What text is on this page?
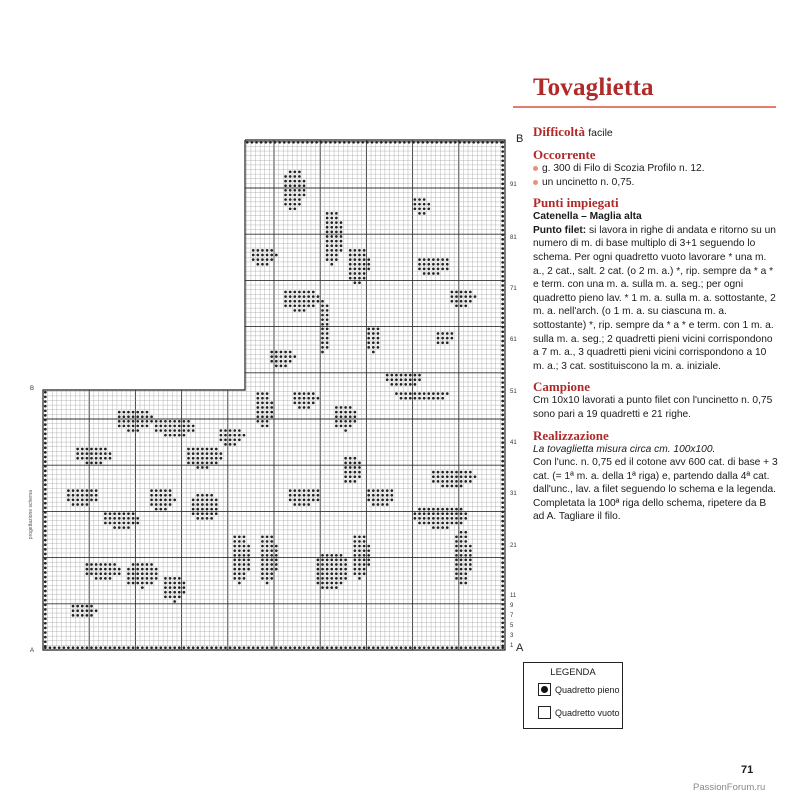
B
A
B
A
progettazione schema
91
81
71
61
51
41
31
21
11
9
7
5
3
1
Tovaglietta
Difficoltà facile
Occorrente
g. 300 di Filo di Scozia Profilo n. 12.
un uncinetto n. 0,75.
Punti impiegati

Catenella – Maglia alta

Punto filet: si lavora in righe di andata e ritorno su un numero di m. di base multiplo di 3+1 seguendo lo schema. Per ogni quadretto vuoto lavorare * una m. a., 2 cat., salt. 2 cat. (o 2 m. a.) *, rip. sempre da * a * e term. con una m. a. sulla m. a. seg.; per ogni quadretto pieno lav. * 1 m. a. sulla m. a. sottostante, 2 m. a. nell'arch. (o 1 m. a. su ciascuna m. a. sottostante) *, rip. sempre da * a * e term. con 1 m. a. sulla m. a. seg.; 2 quadretti pieni vicini corrispondono a 7 m. a., 3 quadretti pieni vicini corrispondono a 10 m. a.; 3 cat. sostituiscono la m. a. iniziale.

Campione

Cm 10x10 lavorati a punto filet con l'uncinetto n. 0,75 sono pari a 19 quadretti e 21 righe.

Realizzazione

La tovaglietta misura circa cm. 100x100.

Con l'unc. n. 0,75 ed il cotone avv 600 cat. di base + 3 cat. (= 1ª m. a. della 1ª riga) e, partendo dalla 4ª cat. dall'unc., lav. a filet seguendo lo schema e la legenda. Completata la 100ª riga dello schema, ripetere da B ad A. Tagliare il filo.

LEGENDA
Quadretto pieno
Quadretto vuoto
71
PassionForum.ru
